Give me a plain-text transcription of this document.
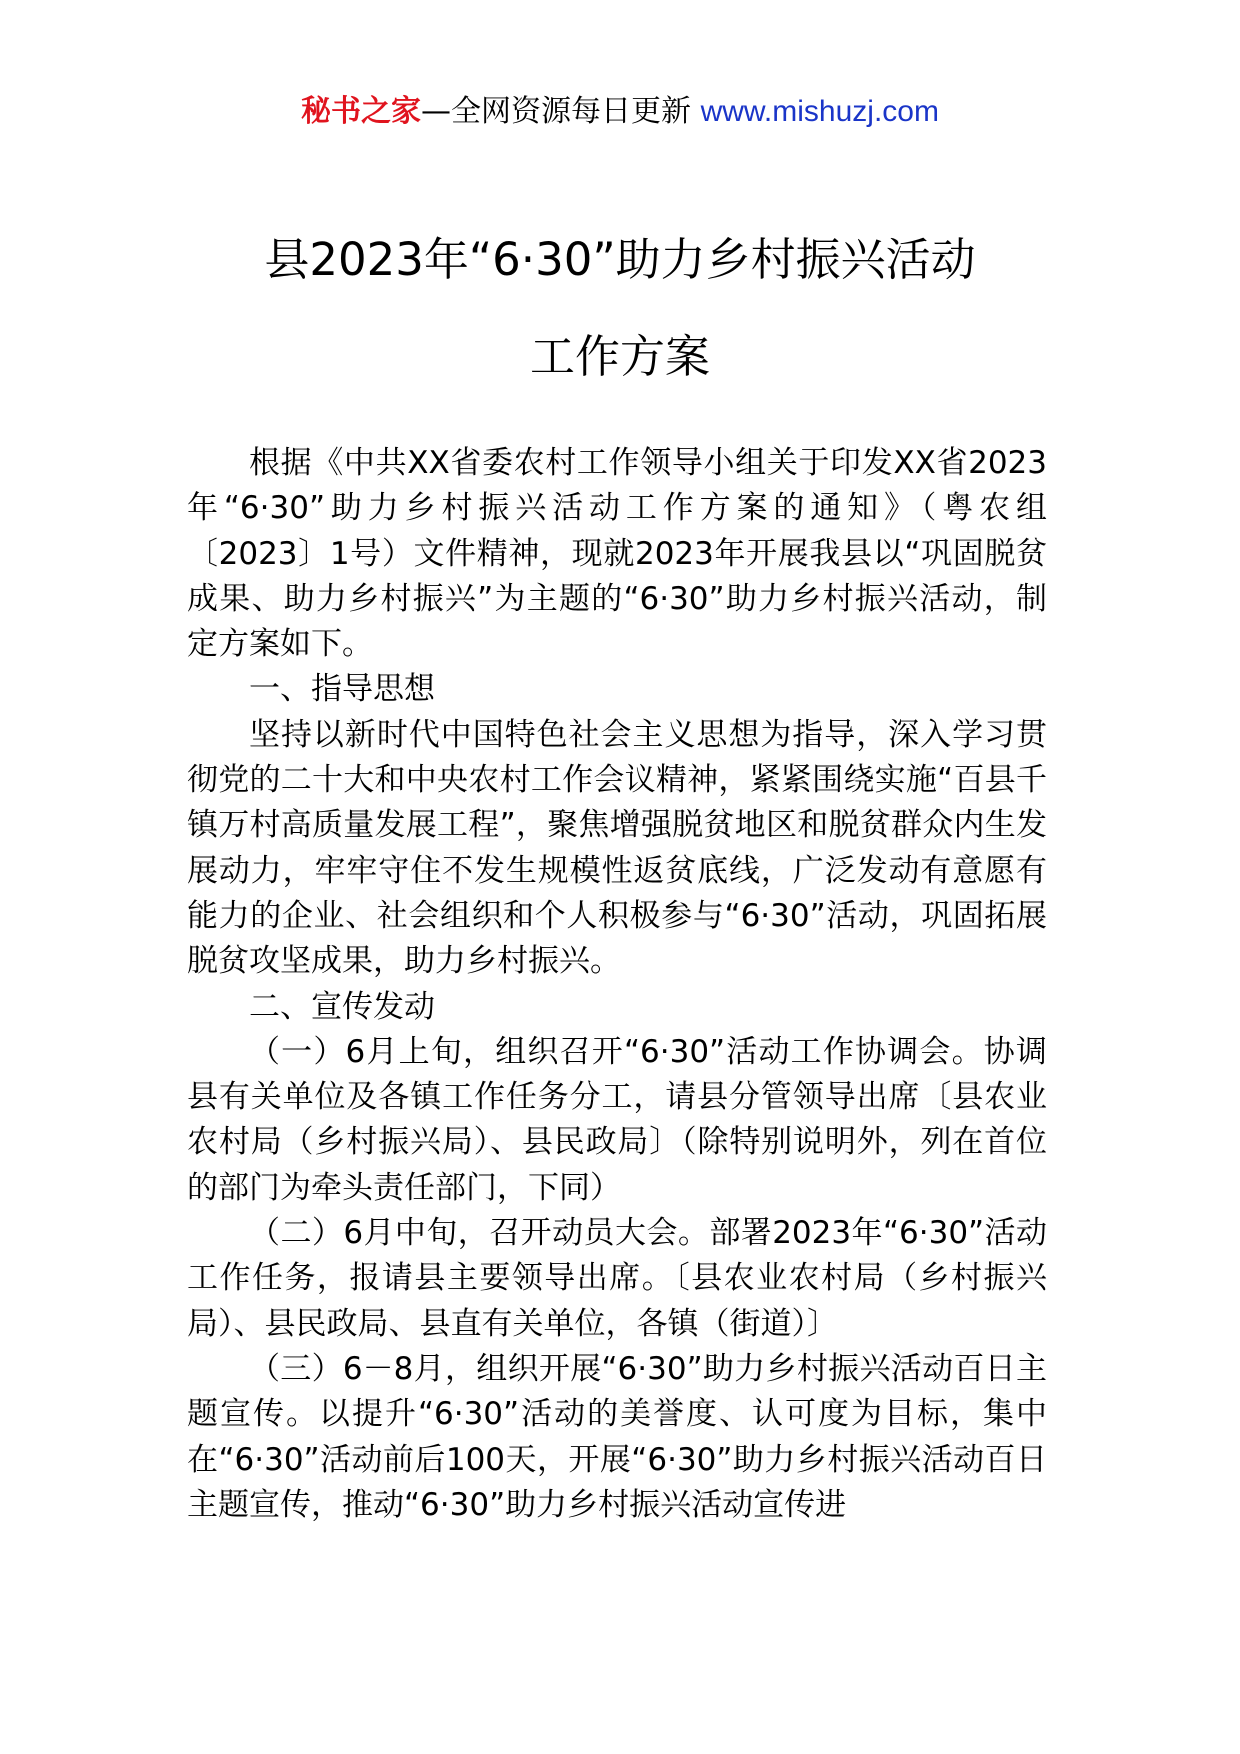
秘书之家—全网资源每日更新 www.mishuzj.com
县2023年“6·30”助力乡村振兴活动
工作方案

根据《中共XX省委农村工作领导小组关于印发XX省2023年“6·30”助力乡村振兴活动工作方案的通知》（粤农组〔2023〕1号）文件精神，现就2023年开展我县以“巩固脱贫成果、助力乡村振兴”为主题的“6·30”助力乡村振兴活动，制定方案如下。

一、指导思想

坚持以新时代中国特色社会主义思想为指导，深入学习贯彻党的二十大和中央农村工作会议精神，紧紧围绕实施“百县千镇万村高质量发展工程”，聚焦增强脱贫地区和脱贫群众内生发展动力，牢牢守住不发生规模性返贫底线，广泛发动有意愿有能力的企业、社会组织和个人积极参与“6·30”活动，巩固拓展脱贫攻坚成果，助力乡村振兴。

二、宣传发动

（一）6月上旬，组织召开“6·30”活动工作协调会。协调县有关单位及各镇工作任务分工，请县分管领导出席〔县农业农村局（乡村振兴局）、县民政局〕（除特别说明外，列在首位的部门为牵头责任部门，下同）

（二）6月中旬，召开动员大会。部署2023年“6·30”活动工作任务，报请县主要领导出席。〔县农业农村局（乡村振兴局）、县民政局、县直有关单位，各镇（街道）〕

（三）6－8月，组织开展“6·30”助力乡村振兴活动百日主题宣传。以提升“6·30”活动的美誉度、认可度为目标，集中在“6·30”活动前后100天，开展“6·30”助力乡村振兴活动百日主题宣传，推动“6·30”助力乡村振兴活动宣传进
